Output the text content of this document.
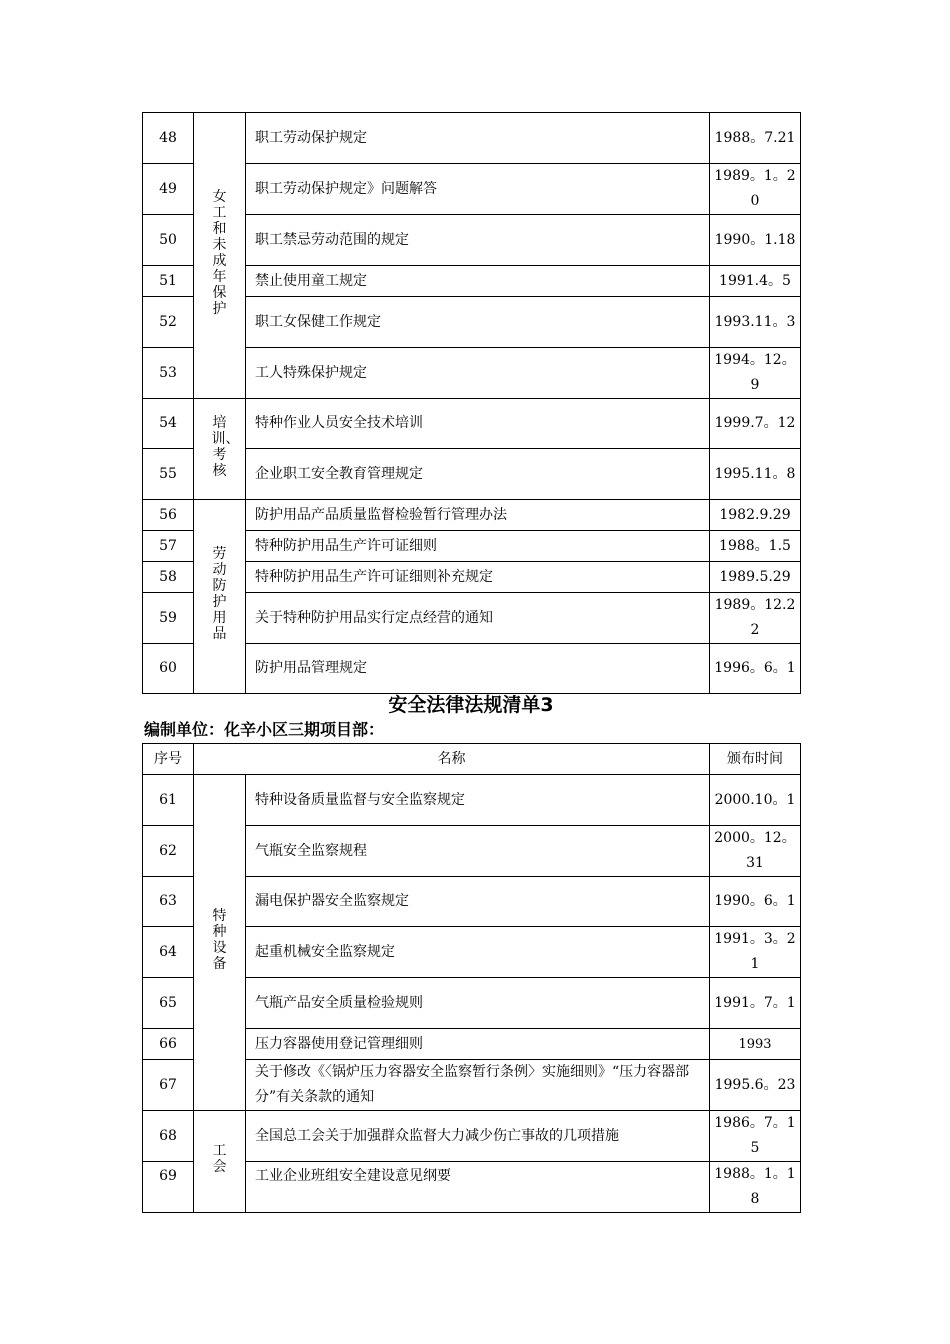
48	女工和未成年保护	职工劳动保护规定	1988。7.21
49		职工劳动保护规定》问题解答	1989。1。20
50		职工禁忌劳动范围的规定	1990。1.18
51		禁止使用童工规定	1991.4。5
52		职工女保健工作规定	1993.11。3
53		工人特殊保护规定	1994。12。9
54	培训、考核	特种作业人员安全技术培训	1999.7。12
55		企业职工安全教育管理规定	1995.11。8
56	劳动防护用品	防护用品产品质量监督检验暂行管理办法	1982.9.29
57		特种防护用品生产许可证细则	1988。1.5
58		特种防护用品生产许可证细则补充规定	1989.5.29
59		关于特种防护用品实行定点经营的通知	1989。12.22
60		防护用品管理规定	1996。6。1
安全法律法规清单3
编制单位：化辛小区三期项目部：
序号	名称		颁布时间
61	特种设备	特种设备质量监督与安全监察规定	2000.10。1
62		气瓶安全监察规程	2000。12。31
63		漏电保护器安全监察规定	1990。6。1
64		起重机械安全监察规定	1991。3。21
65		气瓶产品安全质量检验规则	1991。7。1
66		压力容器使用登记管理细则	1993
67		关于修改《〈锅炉压力容器安全监察暂行条例〉实施细则》“压力容器部分”有关条款的通知	1995.6。23
68	工会	全国总工会关于加强群众监督大力减少伤亡事故的几项措施	1986。7。15
69		工业企业班组安全建设意见纲要	1988。1。18
